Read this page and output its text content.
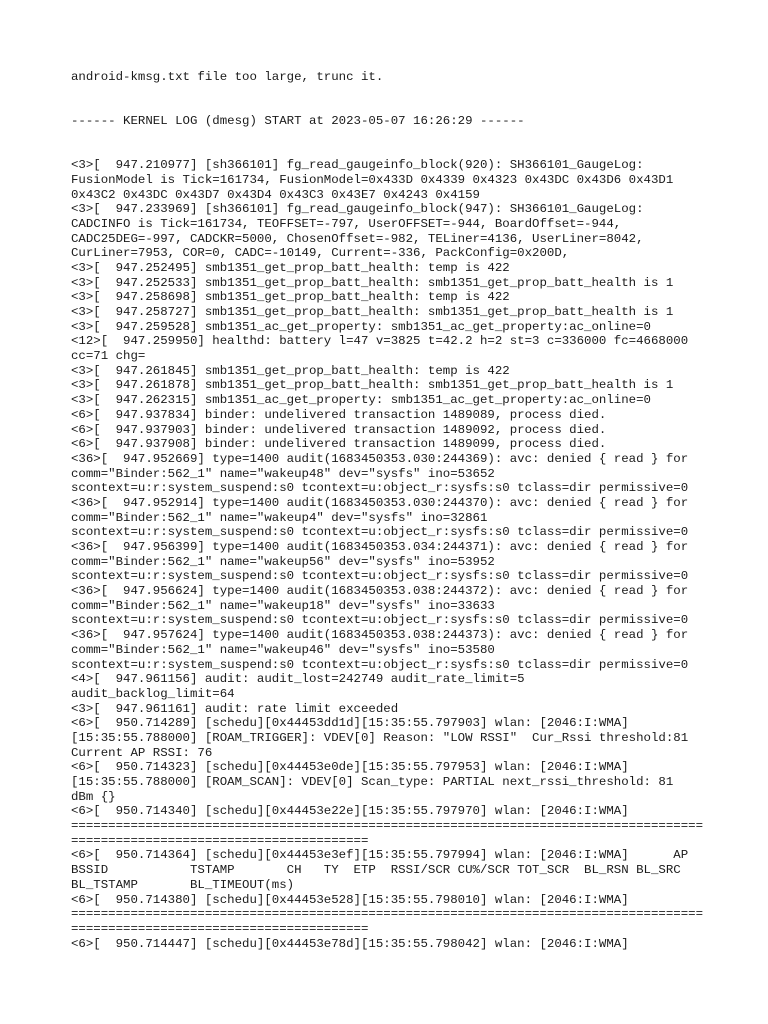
android-kmsg.txt file too large, trunc it.
------ KERNEL LOG (dmesg) START at 2023-05-07 16:26:29 ------
<3>[  947.210977] [sh366101] fg_read_gaugeinfo_block(920): SH366101_GaugeLog:
FusionModel is Tick=161734, FusionModel=0x433D 0x4339 0x4323 0x43DC 0x43D6 0x43D1
0x43C2 0x43DC 0x43D7 0x43D4 0x43C3 0x43E7 0x4243 0x4159
<3>[  947.233969] [sh366101] fg_read_gaugeinfo_block(947): SH366101_GaugeLog:
CADCINFO is Tick=161734, TEOFFSET=-797, UserOFFSET=-944, BoardOffset=-944,
CADC25DEG=-997, CADCKR=5000, ChosenOffset=-982, TELiner=4136, UserLiner=8042,
CurLiner=7953, COR=0, CADC=-10149, Current=-336, PackConfig=0x200D,
<3>[  947.252495] smb1351_get_prop_batt_health: temp is 422
<3>[  947.252533] smb1351_get_prop_batt_health: smb1351_get_prop_batt_health is 1
<3>[  947.258698] smb1351_get_prop_batt_health: temp is 422
<3>[  947.258727] smb1351_get_prop_batt_health: smb1351_get_prop_batt_health is 1
<3>[  947.259528] smb1351_ac_get_property: smb1351_ac_get_property:ac_online=0
<12>[  947.259950] healthd: battery l=47 v=3825 t=42.2 h=2 st=3 c=336000 fc=4668000
cc=71 chg=
<3>[  947.261845] smb1351_get_prop_batt_health: temp is 422
<3>[  947.261878] smb1351_get_prop_batt_health: smb1351_get_prop_batt_health is 1
<3>[  947.262315] smb1351_ac_get_property: smb1351_ac_get_property:ac_online=0
<6>[  947.937834] binder: undelivered transaction 1489089, process died.
<6>[  947.937903] binder: undelivered transaction 1489092, process died.
<6>[  947.937908] binder: undelivered transaction 1489099, process died.
<36>[  947.952669] type=1400 audit(1683450353.030:244369): avc: denied { read } for
comm="Binder:562_1" name="wakeup48" dev="sysfs" ino=53652
scontext=u:r:system_suspend:s0 tcontext=u:object_r:sysfs:s0 tclass=dir permissive=0
<36>[  947.952914] type=1400 audit(1683450353.030:244370): avc: denied { read } for
comm="Binder:562_1" name="wakeup4" dev="sysfs" ino=32861
scontext=u:r:system_suspend:s0 tcontext=u:object_r:sysfs:s0 tclass=dir permissive=0
<36>[  947.956399] type=1400 audit(1683450353.034:244371): avc: denied { read } for
comm="Binder:562_1" name="wakeup56" dev="sysfs" ino=53952
scontext=u:r:system_suspend:s0 tcontext=u:object_r:sysfs:s0 tclass=dir permissive=0
<36>[  947.956624] type=1400 audit(1683450353.038:244372): avc: denied { read } for
comm="Binder:562_1" name="wakeup18" dev="sysfs" ino=33633
scontext=u:r:system_suspend:s0 tcontext=u:object_r:sysfs:s0 tclass=dir permissive=0
<36>[  947.957624] type=1400 audit(1683450353.038:244373): avc: denied { read } for
comm="Binder:562_1" name="wakeup46" dev="sysfs" ino=53580
scontext=u:r:system_suspend:s0 tcontext=u:object_r:sysfs:s0 tclass=dir permissive=0
<4>[  947.961156] audit: audit_lost=242749 audit_rate_limit=5
audit_backlog_limit=64
<3>[  947.961161] audit: rate limit exceeded
<6>[  950.714289] [schedu][0x44453dd1d][15:35:55.797903] wlan: [2046:I:WMA]
[15:35:55.788000] [ROAM_TRIGGER]: VDEV[0] Reason: "LOW RSSI"  Cur_Rssi threshold:81
Current AP RSSI: 76
<6>[  950.714323] [schedu][0x44453e0de][15:35:55.797953] wlan: [2046:I:WMA]
[15:35:55.788000] [ROAM_SCAN]: VDEV[0] Scan_type: PARTIAL next_rssi_threshold: 81
dBm {}
<6>[  950.714340] [schedu][0x44453e22e][15:35:55.797970] wlan: [2046:I:WMA]
=====================================================================================
========================================
<6>[  950.714364] [schedu][0x44453e3ef][15:35:55.797994] wlan: [2046:I:WMA]      AP
BSSID           TSTAMP       CH   TY  ETP  RSSI/SCR CU%/SCR TOT_SCR  BL_RSN BL_SRC
BL_TSTAMP       BL_TIMEOUT(ms)
<6>[  950.714380] [schedu][0x44453e528][15:35:55.798010] wlan: [2046:I:WMA]
=====================================================================================
========================================
<6>[  950.714447] [schedu][0x44453e78d][15:35:55.798042] wlan: [2046:I:WMA]
